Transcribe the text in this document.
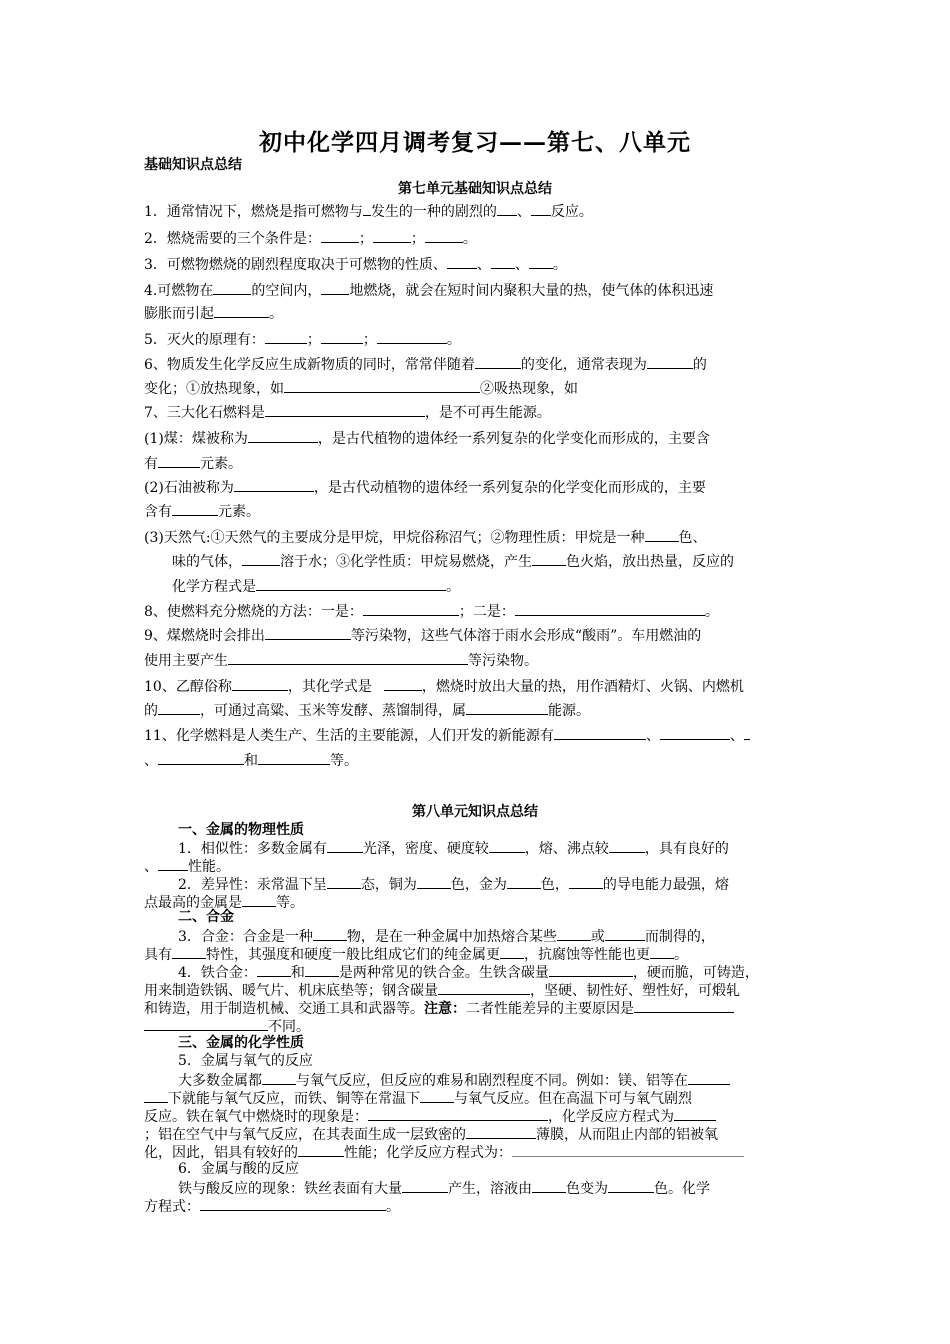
初中化学四月调考复习——第七、八单元
基础知识点总结
第七单元基础知识点总结
1．通常情况下，燃烧是指可燃物与 发生的一种的剧烈的 、 反应。
2．燃烧需要的三个条件是：	；	；	。
3．可燃物燃烧的剧烈程度取决于可燃物的性质、 、 、 。
4.可燃物在	的空间内， 地燃烧，就会在短时间内聚积大量的热，使气体的体积迅速
膨胀而引起	。
5．灭火的原理有：	；	；	。
6、物质发生化学反应生成新物质的同时，常常伴随着	的变化，通常表现为	的
变化；①放热现象，如	②吸热现象，如
7、三大化石燃料是	，是不可再生能源。
(1)煤：煤被称为	，是古代植物的遗体经一系列复杂的化学变化而形成的，主要含
有	元素。
(2)石油被称为	，是古代动植物的遗体经一系列复杂的化学变化而形成的，主要
含有	元素。
(3)天然气:①天然气的主要成分是甲烷，甲烷俗称沼气；②物理性质：甲烷是一种 色、
味的气体，	溶于水；③化学性质：甲烷易燃烧，产生 色火焰，放出热量，反应的
化学方程式是	。
8、使燃料充分燃烧的方法：一是：	；二是：	。
9、煤燃烧时会排出	等污染物，这些气体溶于雨水会形成“酸雨”。车用燃油的
使用主要产生	等污染物。
10、乙醇俗称	，其化学式是	，燃烧时放出大量的热，用作酒精灯、火锅、内燃机
的	，可通过高粱、玉米等发酵、蒸馏制得，属	能源。
11、化学燃料是人类生产、生活的主要能源，人们开发的新能源有	、	、
、	和	等。
第八单元知识点总结
一、金属的物理性质
1．相似性：多数金属有	光泽，密度、硬度较	，熔、沸点较	，具有良好的
、 性能。
2．差异性：汞常温下呈 态，铜为 色，金为 色， 的导电能力最强，熔
点最高的金属是 等。
二、合金
3．合金：合金是一种 物，是在一种金属中加热熔合某些 或	而制得的，
具有 特性，其强度和硬度一般比组成它们的纯金属更 ，抗腐蚀等性能也更 。
4．铁合金： 和 是两种常见的铁合金。生铁含碳量	，硬而脆，可铸造，
用来制造铁锅、暖气片、机床底垫等；钢含碳量	，坚硬、韧性好、塑性好，可煅轧
和铸造，用于制造机械、交通工具和武器等。注意：二者性能差异的主要原因是
不同。
三、金属的化学性质
5．金属与氧气的反应
大多数金属都 与氧气反应，但反应的难易和剧烈程度不同。例如：镁、铝等在
下就能与氧气反应，而铁、铜等在常温下 与氧气反应。但在高温下可与氧气剧烈
反应。铁在氧气中燃烧时的现象是：	，化学反应方程式为
；铝在空气中与氧气反应，在其表面生成一层致密的	薄膜，从而阻止内部的铝被氧
化，因此，铝具有较好的	性能；化学反应方程式为：
6．金属与酸的反应
铁与酸反应的现象：铁丝表面有大量	产生，溶液由 色变为	色。化学
方程式：	。
